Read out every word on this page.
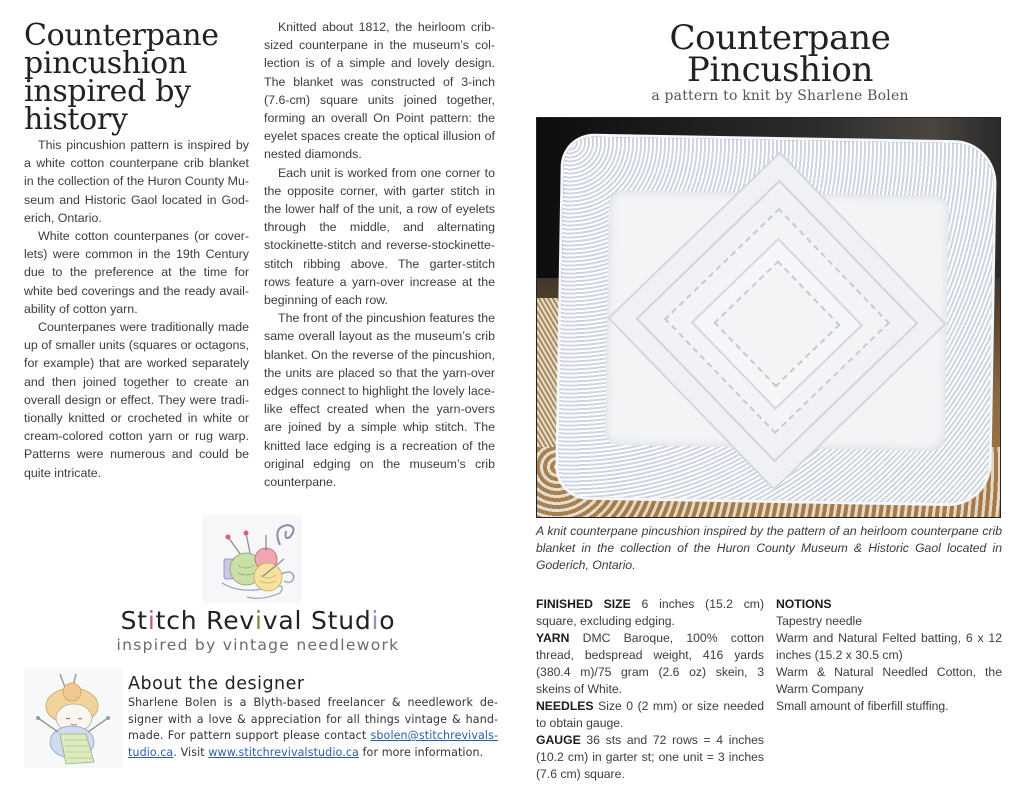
Counterpane
pincushion
inspired by
history

This pincushion pattern is inspired by a white cotton counterpane crib blanket in the collection of the Huron County Museum and Historic Gaol located in Goderich, Ontario.

White cotton counterpanes (or coverlets) were common in the 19th Century due to the preference at the time for white bed coverings and the ready availability of cotton yarn.

Counterpanes were traditionally made up of smaller units (squares or octagons, for example) that are worked separately and then joined together to create an overall design or effect. They were traditionally knitted or crocheted in white or cream-colored cotton yarn or rug warp. Patterns were numerous and could be quite intricate.

Knitted about 1812, the heirloom crib-sized counterpane in the museum’s collection is of a simple and lovely design. The blanket was constructed of 3-inch (7.6-cm) square units joined together, forming an overall On Point pattern: the eyelet spaces create the optical illusion of nested diamonds.

Each unit is worked from one corner to the opposite corner, with garter stitch in the lower half of the unit, a row of eyelets through the middle, and alternating stockinette-stitch and reverse-stockinette-stitch ribbing above. The garter-stitch rows feature a yarn-over increase at the beginning of each row.

The front of the pincushion features the same overall layout as the museum’s crib blanket. On the reverse of the pincushion, the units are placed so that the yarn-over edges connect to highlight the lovely lace-like effect created when the yarn-overs are joined by a simple whip stitch. The knitted lace edging is a recreation of the original edging on the museum’s crib counterpane.

Stitch Revival Studio
inspired by vintage needlework
About the designer
Sharlene Bolen is a Blyth-based freelancer & needlework designer with a love & appreciation for all things vintage & handmade. For pattern support please contact sbolen@stitchrevivalstudio.ca. Visit www.stitchrevivalstudio.ca for more information.
Counterpane
Pincushion
a pattern to knit by Sharlene Bolen
A knit counterpane pincushion inspired by the pattern of an heirloom counterpane crib blanket in the collection of the Huron County Museum & Historic Gaol located in Goderich, Ontario.
FINISHED SIZE 6 inches (15.2 cm) square, excluding edging.
YARN DMC Baroque, 100% cotton thread, bedspread weight, 416 yards (380.4 m)/75 gram (2.6 oz) skein, 3 skeins of White.
NEEDLES Size 0 (2 mm) or size needed to obtain gauge.
GAUGE 36 sts and 72 rows = 4 inches (10.2 cm) in garter st; one unit = 3 inches (7.6 cm) square.
NOTIONS
Tapestry needle
Warm and Natural Felted batting, 6 x 12 inches (15.2 x 30.5 cm)
Warm & Natural Needled Cotton, the Warm Company
Small amount of fiberfill stuffing.
